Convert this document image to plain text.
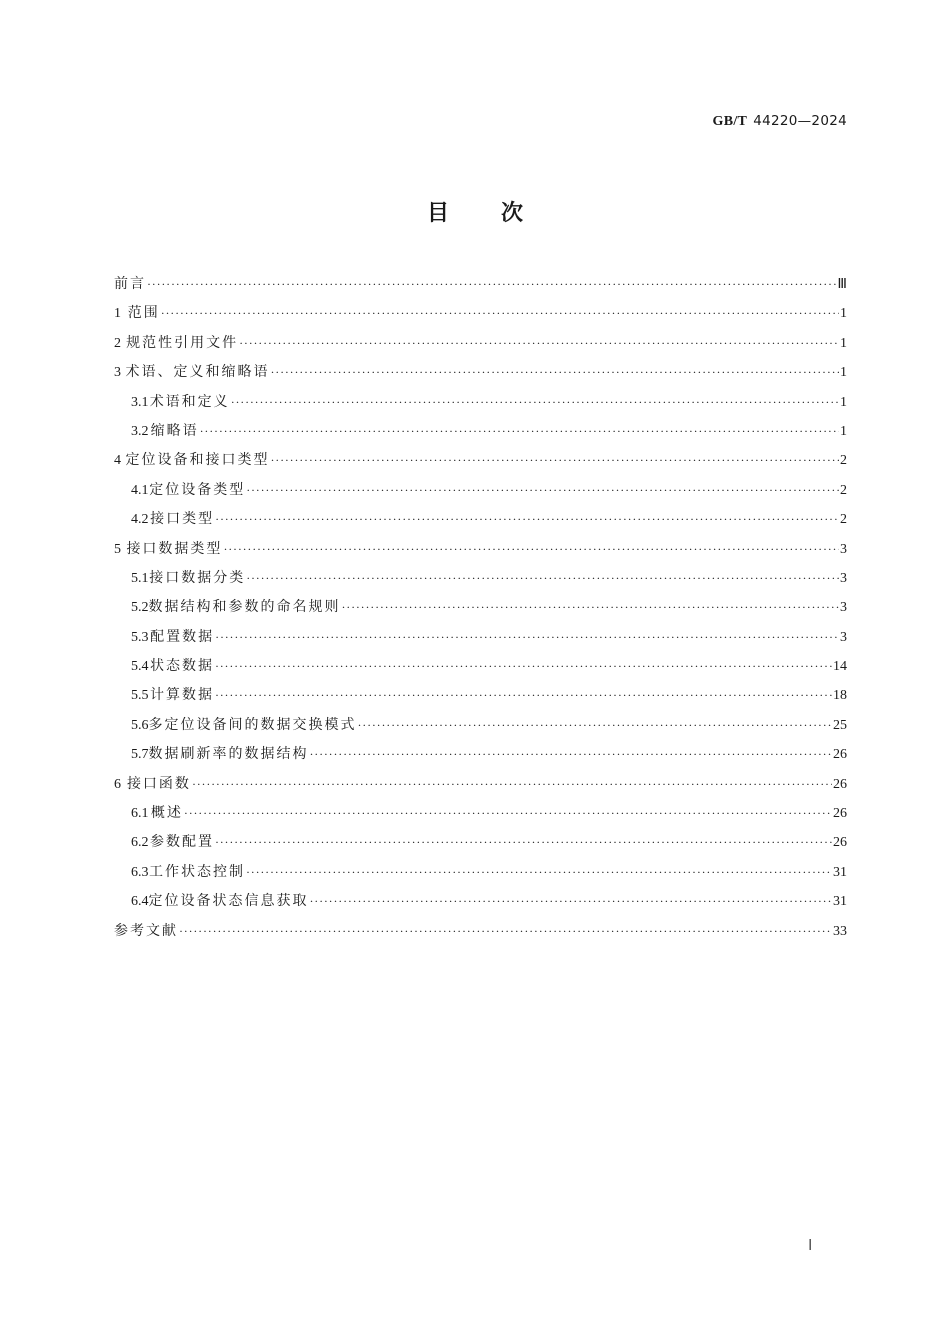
GB/T 44220—2024
目次
前言 ·····	Ⅲ
1 范围 ·····	1
2 规范性引用文件 ·····	1
3 术语、定义和缩略语 ·····	1
3.1 术语和定义 ·····	1
3.2 缩略语 ·····	1
4 定位设备和接口类型 ·····	2
4.1 定位设备类型 ·····	2
4.2 接口类型 ·····	2
5 接口数据类型 ·····	3
5.1 接口数据分类 ·····	3
5.2 数据结构和参数的命名规则 ·····	3
5.3 配置数据 ·····	3
5.4 状态数据 ·····	14
5.5 计算数据 ·····	18
5.6 多定位设备间的数据交换模式 ·····	25
5.7 数据刷新率的数据结构 ·····	26
6 接口函数 ·····	26
6.1 概述 ·····	26
6.2 参数配置 ·····	26
6.3 工作状态控制 ·····	31
6.4 定位设备状态信息获取 ·····	31
参考文献 ·····	33
Ⅰ
